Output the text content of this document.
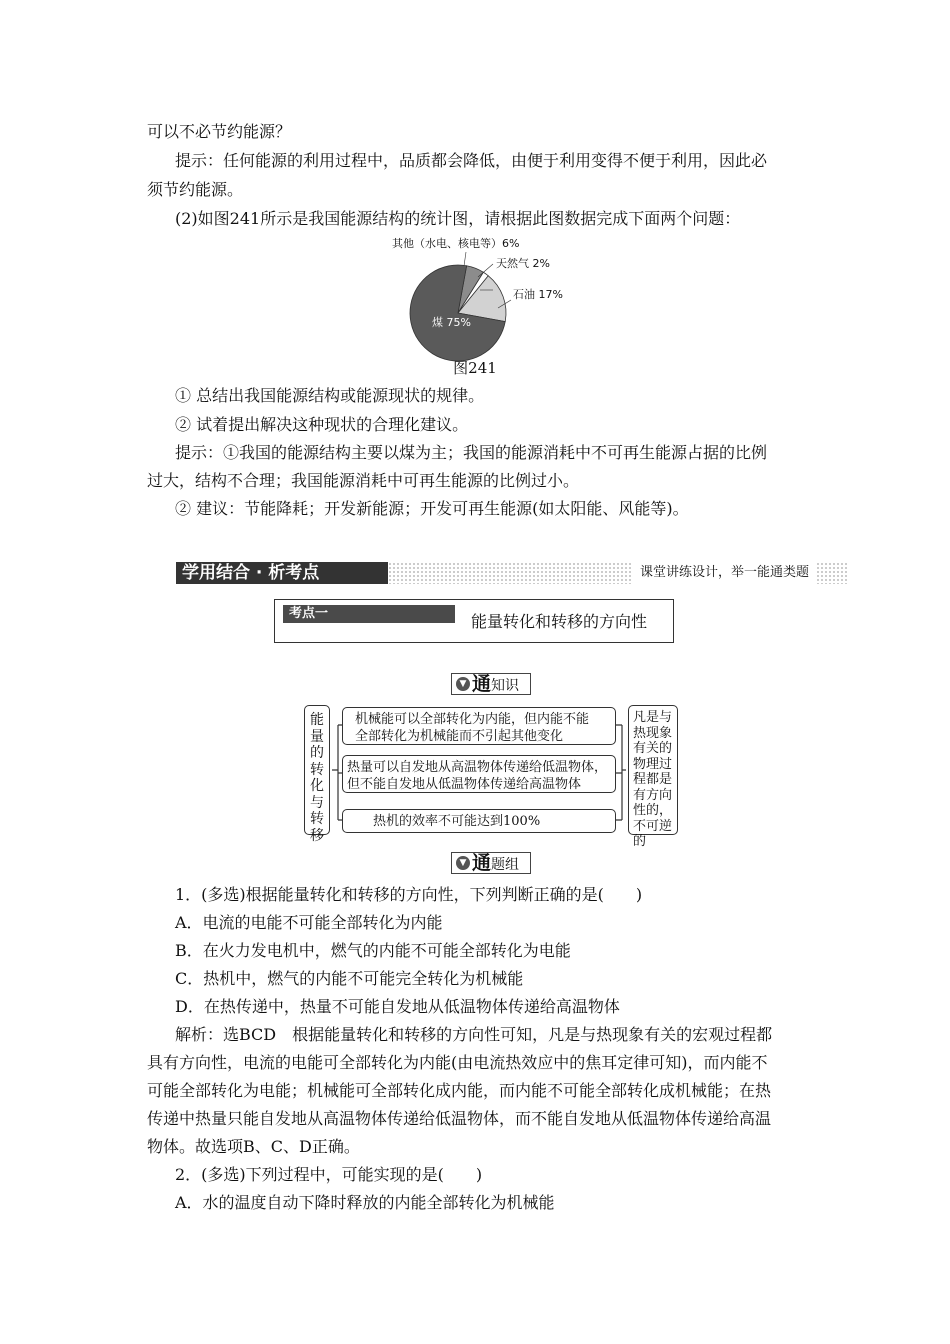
可以不必节约能源？
提示：任何能源的利用过程中，品质都会降低，由便于利用变得不便于利用，因此必
须节约能源。
(2)如图241所示是我国能源结构的统计图，请根据此图数据完成下面两个问题：
其他（水电、核电等）6%
天然气 2%
石油 17%
煤 75%
图241
① 总结出我国能源结构或能源现状的规律。
② 试着提出解决这种现状的合理化建议。
提示：①我国的能源结构主要以煤为主；我国的能源消耗中不可再生能源占据的比例
过大，结构不合理；我国能源消耗中可再生能源的比例过小。
② 建议：节能降耗；开发新能源；开发可再生能源(如太阳能、风能等)。
学用结合 · 析考点	课堂讲练设计，举一能通类题
考点一	能量转化和转移的方向性
▼ 通知识
能量的转化与转移
机械能可以全部转化为内能，但内能不能
全部转化为机械能而不引起其他变化
热量可以自发地从高温物体传递给低温物体，
但不能自发地从低温物体传递给高温物体
热机的效率不可能达到100%
凡是与热现象有关的物理过程都是有方向性的，不可逆的
▼ 通题组
1．(多选)根据能量转化和转移的方向性，下列判断正确的是(　　)
A．电流的电能不可能全部转化为内能
B．在火力发电机中，燃气的内能不可能全部转化为电能
C．热机中，燃气的内能不可能完全转化为机械能
D．在热传递中，热量不可能自发地从低温物体传递给高温物体
解析：选BCD　根据能量转化和转移的方向性可知，凡是与热现象有关的宏观过程都
具有方向性，电流的电能可全部转化为内能(由电流热效应中的焦耳定律可知)，而内能不
可能全部转化为电能；机械能可全部转化成内能，而内能不可能全部转化成机械能；在热
传递中热量只能自发地从高温物体传递给低温物体，而不能自发地从低温物体传递给高温
物体。故选项B、C、D正确。
2．(多选)下列过程中，可能实现的是(　　)
A．水的温度自动下降时释放的内能全部转化为机械能
